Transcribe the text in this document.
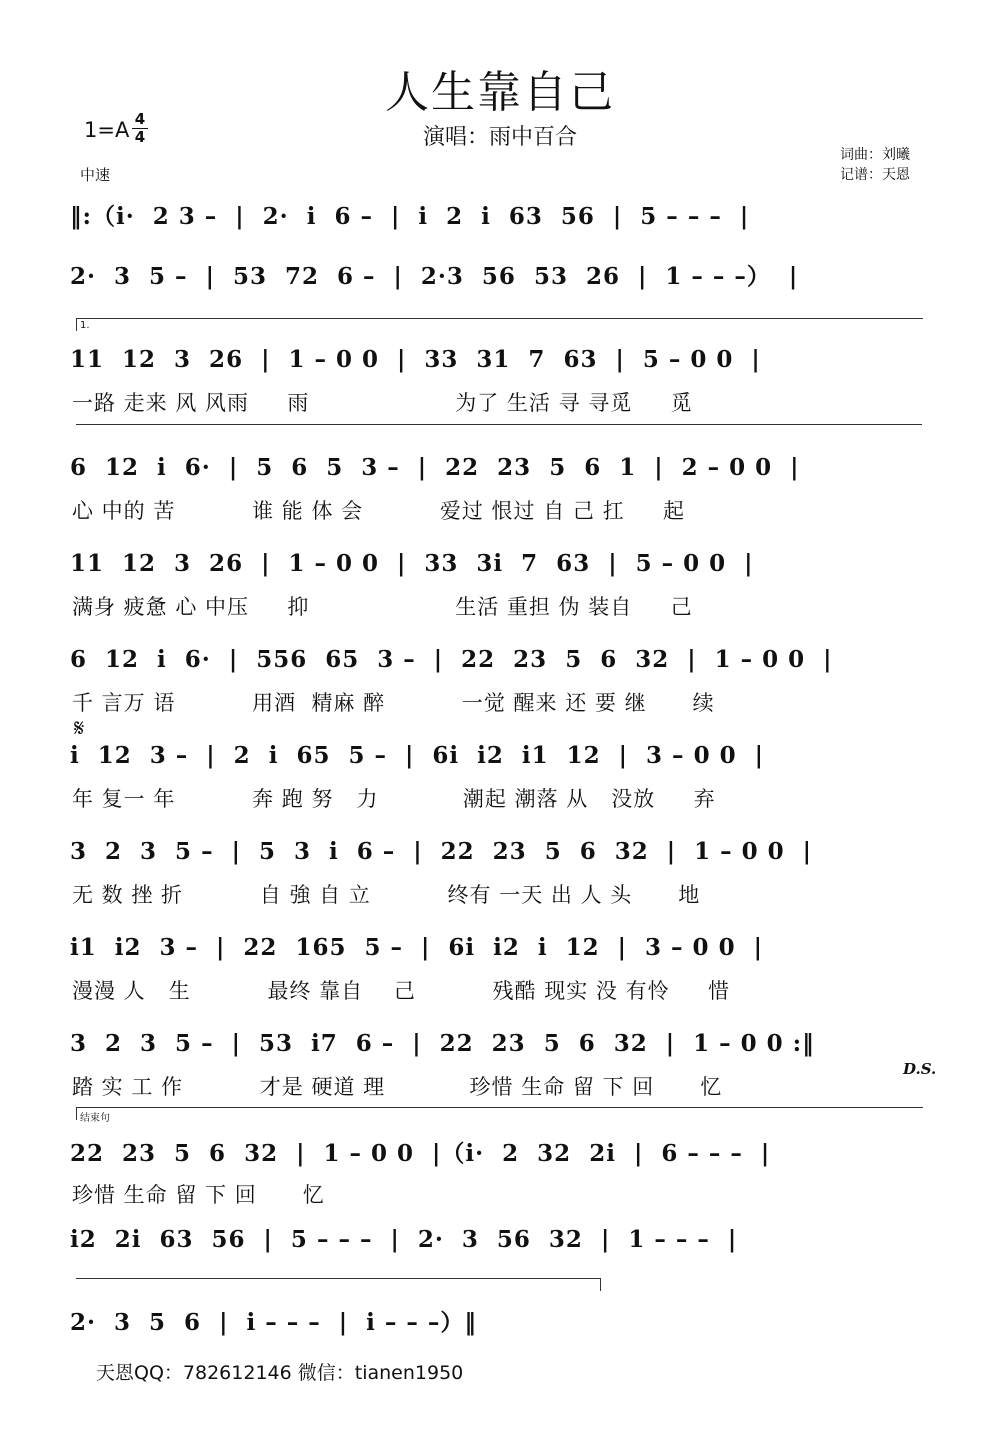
人生靠自己
演唱：雨中百合
1=A 4
4
中速
词曲：刘曦
记谱：天恩
1.
结束句
𝄋
D.S.
‖:（i·  2 3 –  |  2·  i  6 –  |  i  2  i  63  56  |  5 – – –  |
2·  3  5 –  |  53  72  6 –  |  2·3  56  53  26  |  1 – – –）  |
11  12  3  26  |  1 – 0 0  |  33  31  7  63  |  5 – 0 0  |
一路 走来 风 风雨     雨                   为了 生活 寻 寻觅     觅
6  12  i  6·  |  5  6  5  3 –  |  22  23  5  6  1  |  2 – 0 0  |
心 中的 苦          谁 能 体 会          爱过 恨过 自 己 扛     起
11  12  3  26  |  1 – 0 0  |  33  3i  7  63  |  5 – 0 0  |
满身 疲惫 心 中压     抑                   生活 重担 伪 装自     己
6  12  i  6·  |  556  65  3 –  |  22  23  5  6  32  |  1 – 0 0  |
千 言万 语          用酒  精麻 醉          一觉 醒来 还 要 继      续
i  12  3 –  |  2  i  65  5 –  |  6i  i2  i1  12  |  3 – 0 0  |
年 复一 年          奔 跑 努   力           潮起 潮落 从   没放     弃
3  2  3  5 –  |  5  3  i  6 –  |  22  23  5  6  32  |  1 – 0 0  |
无 数 挫 折          自 強 自 立          终有 一天 出 人 头      地
i1  i2  3 –  |  22  165  5 –  |  6i  i2  i  12  |  3 – 0 0  |
漫漫 人   生          最终 靠自    己          残酷 现实 没 有怜     惜
3  2  3  5 –  |  53  i7  6 –  |  22  23  5  6  32  |  1 – 0 0 :‖
踏 实 工 作          才是 硬道 理           珍惜 生命 留 下 回      忆
22  23  5  6  32  |  1 – 0 0  |（i·  2  32  2i  |  6 – – –  |
珍惜 生命 留 下 回      忆
i2  2i  63  56  |  5 – – –  |  2·  3  56  32  |  1 – – –  |
2·  3  5  6  |  i – – –  |  i – – –）‖
天恩QQ：782612146 微信：tianen1950
